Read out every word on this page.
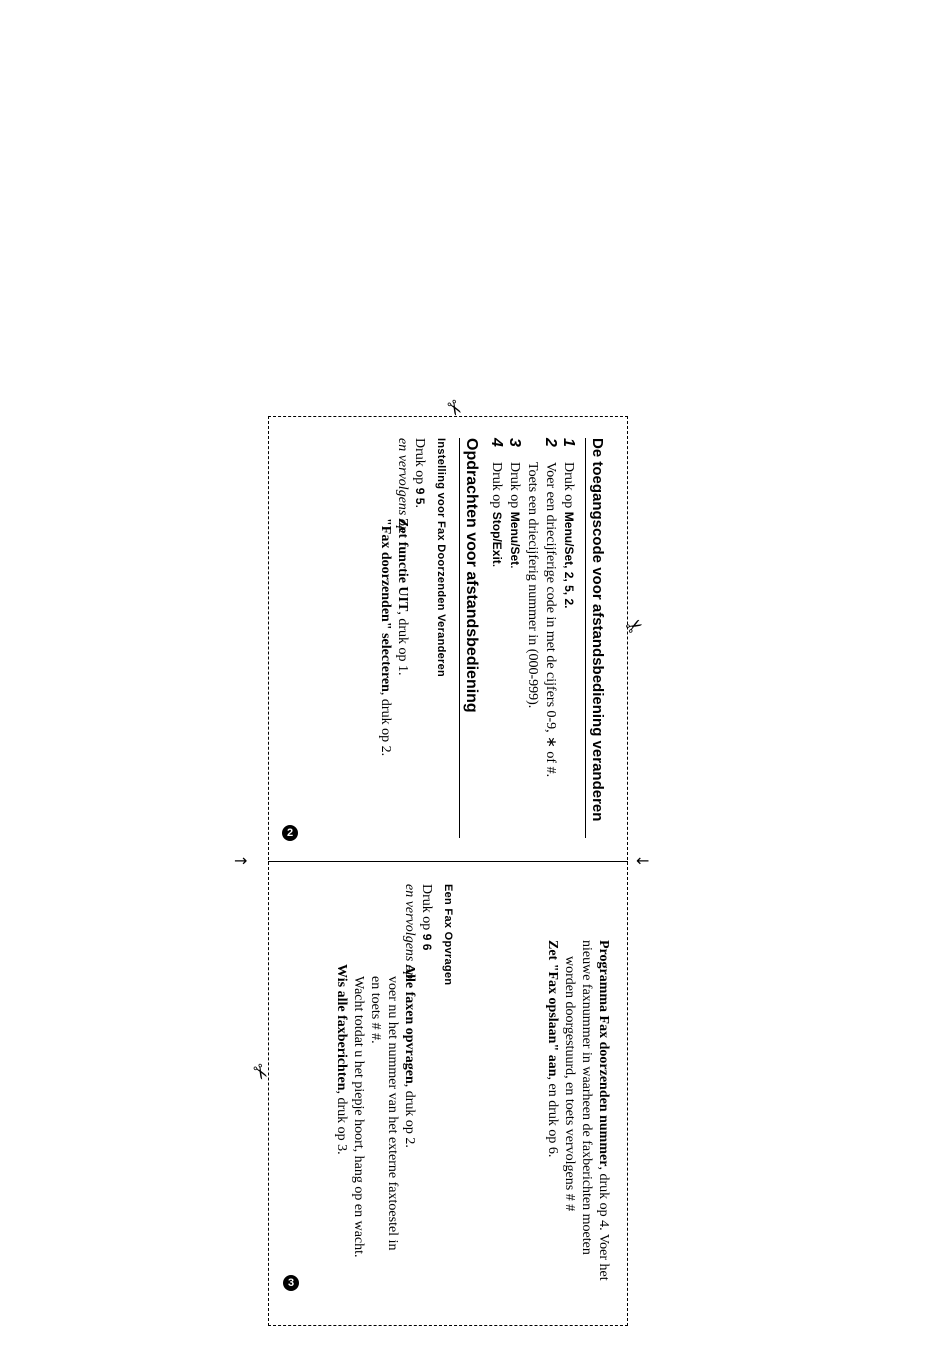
→	←
✂
✂
✂
De toegangscode voor afstandsbediening veranderen
1
Druk op Menu/Set, 2, 5, 2.
2
Voer een driecijferige code in met de cijfers 0-9, ∗ of #.
Toets een driecijferig nummer in (000-999).
3
Druk op Menu/Set.
4
Druk op Stop/Exit.
Opdrachten voor afstandsbediening
Instelling voor Fax Doorzenden Veranderen
Druk op 9 5.
en vervolgens op
Zet functie UIT, druk op 1.
"Fax doorzenden" selecteren, druk op 2.
Programma Fax doorzenden nummer, druk op 4. Voer het
nieuwe faxnummer in waarheen de faxberichten moeten
worden doorgestuurd, en toets vervolgens # #
Zet "Fax opslaan" aan, en druk op 6.
Een Fax Opvragen
Druk op 9 6
en vervolgens op
Alle faxen opvragen, druk op 2.
voer nu het nummer van het externe faxtoestel in
en toets # #.
Wacht totdat u het piepje hoort, hang op en wacht.
Wis alle faxberichten, druk op 3.
2
3
